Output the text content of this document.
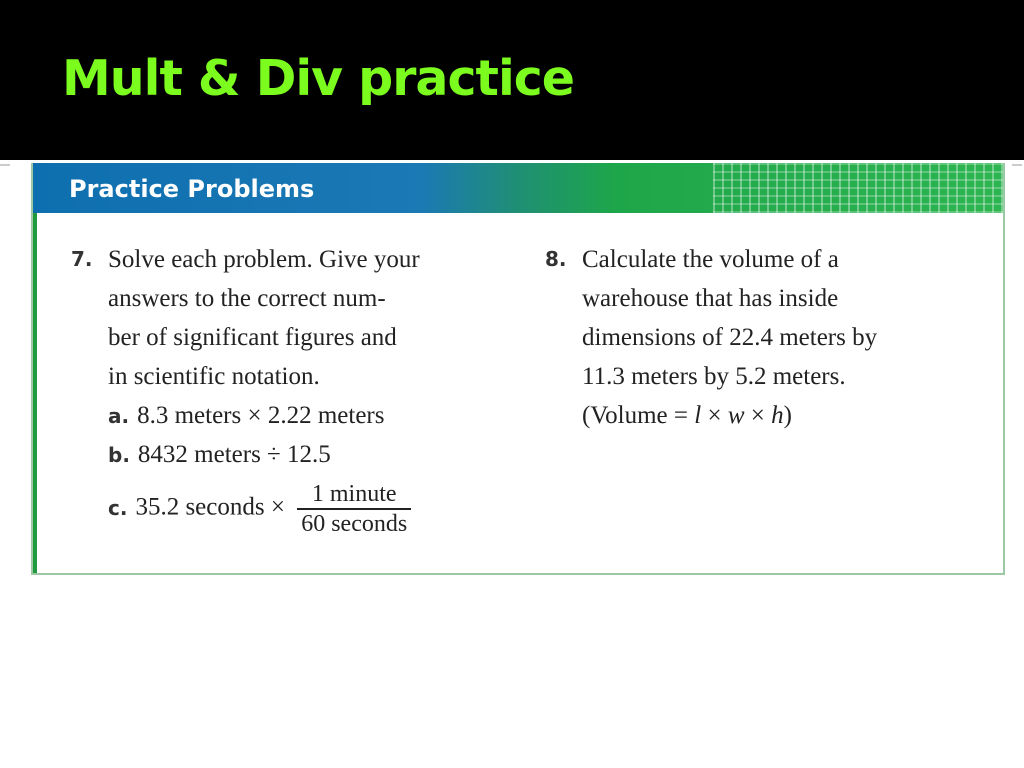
Mult & Div practice
Practice Problems
7. Solve each problem. Give your
answers to the correct num-
ber of significant figures and
in scientific notation.
a. 8.3 meters × 2.22 meters
b. 8432 meters ÷ 12.5
c. 35.2 seconds × $\frac{\text{1 minute}}{\text{60 seconds}}$
8. Calculate the volume of a
warehouse that has inside
dimensions of 22.4 meters by
11.3 meters by 5.2 meters.
(Volume = l × w × h)
